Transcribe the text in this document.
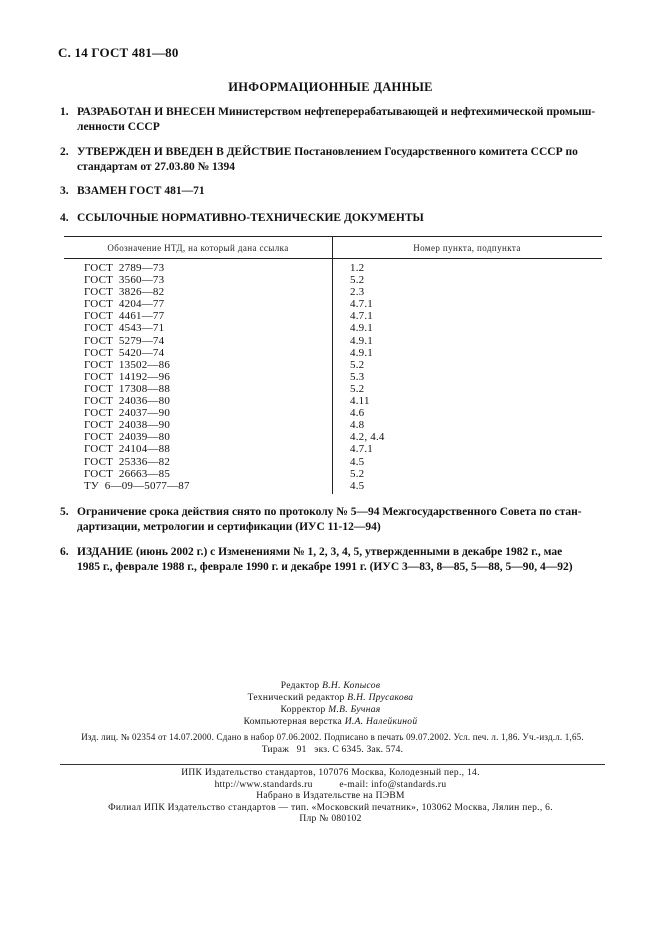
С. 14 ГОСТ 481—80
ИНФОРМАЦИОННЫЕ ДАННЫЕ
1. РАЗРАБОТАН И ВНЕСЕН Министерством нефтеперерабатывающей и нефтехимической промыш-
ленности СССР
2. УТВЕРЖДЕН И ВВЕДЕН В ДЕЙСТВИЕ Постановлением Государственного комитета СССР по
стандартам от 27.03.80 № 1394
3. ВЗАМЕН ГОСТ 481—71
4. ССЫЛОЧНЫЕ НОРМАТИВНО-ТЕХНИЧЕСКИЕ ДОКУМЕНТЫ
Обозначение НТД, на который дана ссылка	Номер пункта, подпункта
ГОСТ  2789—73	1.2
ГОСТ  3560—73	5.2
ГОСТ  3826—82	2.3
ГОСТ  4204—77	4.7.1
ГОСТ  4461—77	4.7.1
ГОСТ  4543—71	4.9.1
ГОСТ  5279—74	4.9.1
ГОСТ  5420—74	4.9.1
ГОСТ  13502—86	5.2
ГОСТ  14192—96	5.3
ГОСТ  17308—88	5.2
ГОСТ  24036—80	4.11
ГОСТ  24037—90	4.6
ГОСТ  24038—90	4.8
ГОСТ  24039—80	4.2, 4.4
ГОСТ  24104—88	4.7.1
ГОСТ  25336—82	4.5
ГОСТ  26663—85	5.2
ТУ  6—09—5077—87	4.5
5. Ограничение срока действия снято по протоколу № 5—94 Межгосударственного Совета по стан-
дартизации, метрологии и сертификации (ИУС 11-12—94)
6. ИЗДАНИЕ (июнь 2002 г.) с Изменениями № 1, 2, 3, 4, 5, утвержденными в декабре 1982 г., мае
1985 г., феврале 1988 г., феврале 1990 г. и декабре 1991 г. (ИУС 3—83, 8—85, 5—88, 5—90, 4—92)
Редактор В.Н. Копысов
Технический редактор В.Н. Прусакова
Корректор М.В. Бучная
Компьютерная верстка И.А. Налейкиной
Изд. лиц. № 02354 от 14.07.2000. Сдано в набор 07.06.2002. Подписано в печать 09.07.2002. Усл. печ. л. 1,86. Уч.-изд.л. 1,65.
Тираж   91   экз. С 6345. Зак. 574.
ИПК Издательство стандартов, 107076 Москва, Колодезный пер., 14.
http://www.standards.ru          e-mail: info@standards.ru
Набрано в Издательстве на ПЭВМ
Филиал ИПК Издательство стандартов — тип. «Московский печатник», 103062 Москва, Лялин пер., 6.
Плр № 080102
